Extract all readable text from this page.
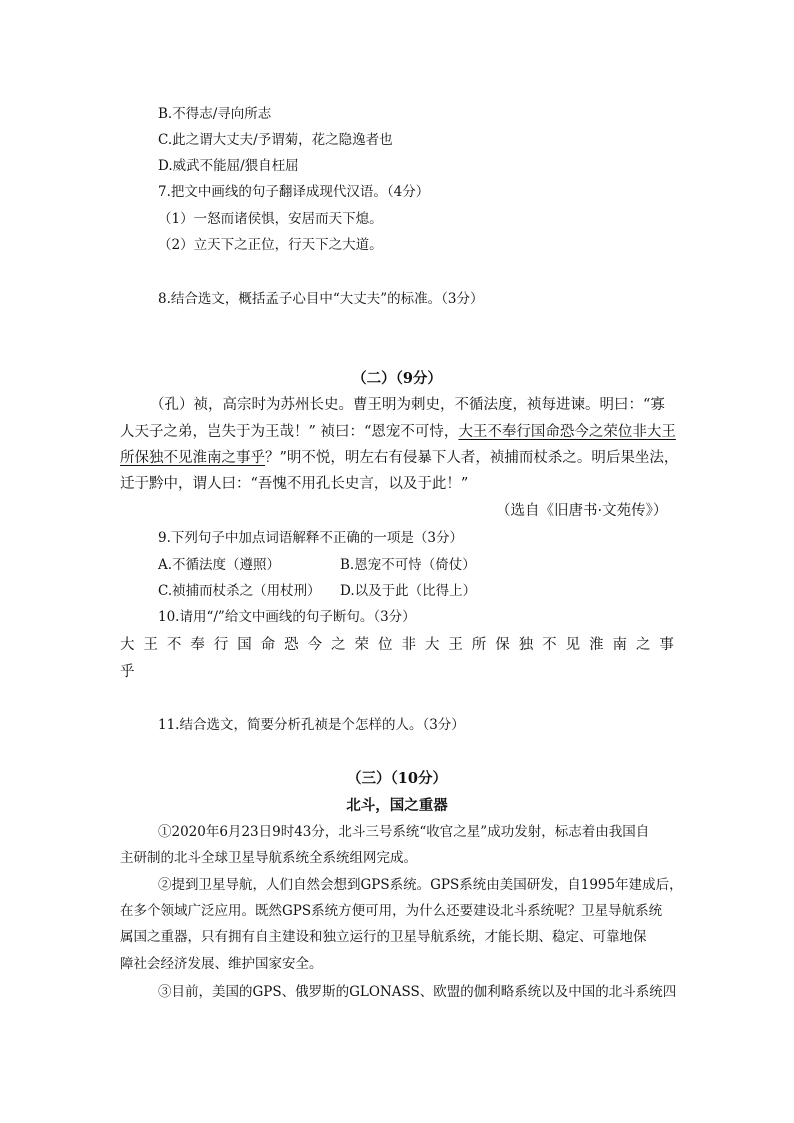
B.不得志/寻向所志
C.此之谓大丈夫/予谓菊，花之隐逸者也
D.威武不能屈/猥自枉屈
7.把文中画线的句子翻译成现代汉语。（4分）
（1）一怒而诸侯惧，安居而天下熄。
（2）立天下之正位，行天下之大道。
8.结合选文，概括孟子心目中“大丈夫”的标准。（3分）
（二）（9分）
（孔）祯，高宗时为苏州长史。曹王明为刺史，不循法度，祯每进谏。明曰：“寡
人天子之弟，岂失于为王哉！” 祯曰：“恩宠不可恃，大王不奉行国命恐今之荣位非大王
所保独不见淮南之事乎？”明不悦，明左右有侵暴下人者，祯捕而杖杀之。明后果坐法，
迁于黔中，谓人曰：“吾愧不用孔长史言，以及于此！”
（选自《旧唐书·文苑传》）
9.下列句子中加点词语解释不正确的一项是（3分）
A.不循法度（遵照）	B.恩宠不可恃（倚仗）
C.祯捕而杖杀之（用杖刑） D.以及于此（比得上）
10.请用“/”给文中画线的句子断句。（3分）
大 王 不 奉 行 国 命 恐 今 之 荣 位 非 大 王 所 保 独 不 见 淮 南 之 事
乎
11.结合选文，简要分析孔祯是个怎样的人。（3分）
（三）（10分）
北斗，国之重器
①2020年6月23日9时43分，北斗三号系统“收官之星”成功发射，标志着由我国自
主研制的北斗全球卫星导航系统全系统组网完成。
②提到卫星导航，人们自然会想到GPS系统。GPS系统由美国研发，自1995年建成后，
在多个领域广泛应用。既然GPS系统方便可用，为什么还要建设北斗系统呢？卫星导航系统
属国之重器，只有拥有自主建设和独立运行的卫星导航系统，才能长期、稳定、可靠地保
障社会经济发展、维护国家安全。
③目前，美国的GPS、俄罗斯的GLONASS、欧盟的伽利略系统以及中国的北斗系统四
